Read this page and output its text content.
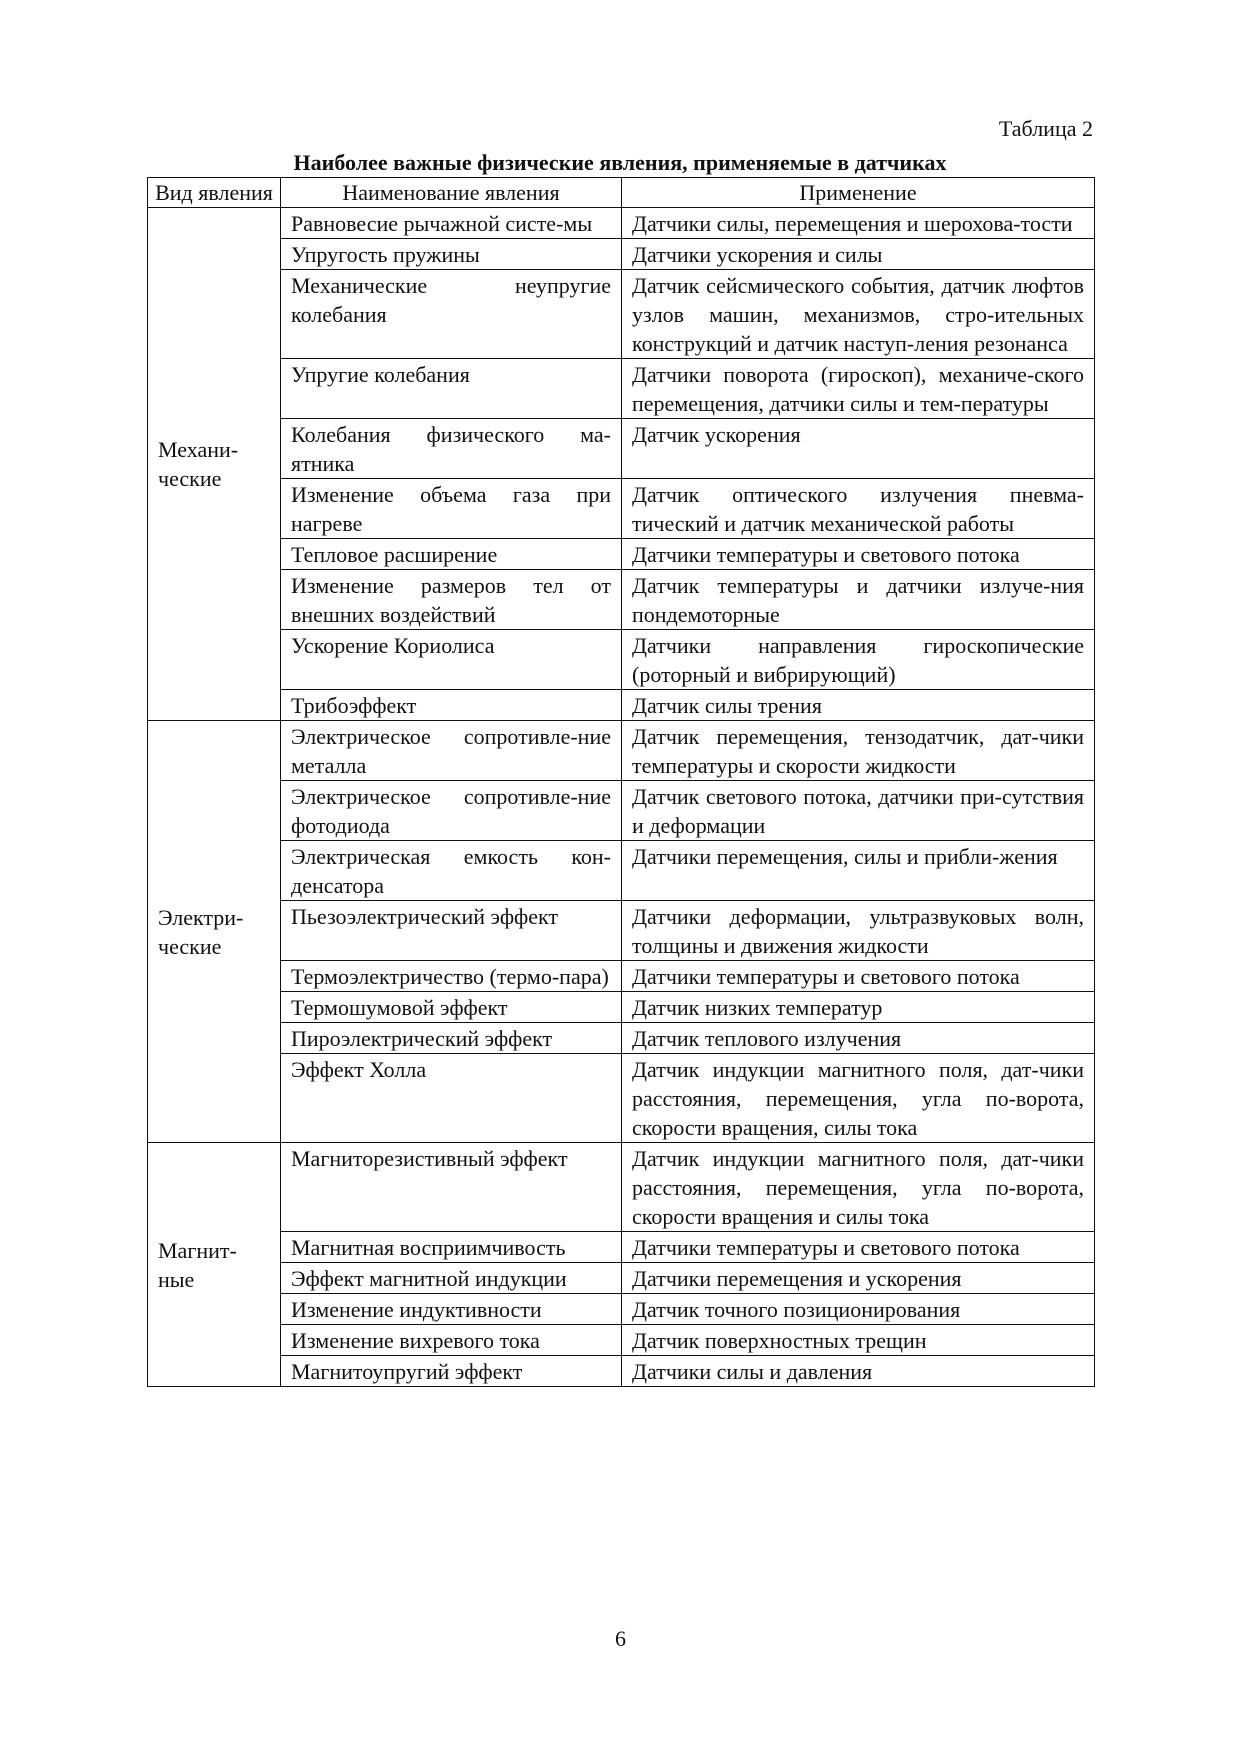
Таблица 2
Наиболее важные физические явления, применяемые в датчиках
Вид явления	Наименование явления	Применение
Механи-ческие	Равновесие рычажной систе-мы	Датчики силы, перемещения и шерохова-тости
	Упругость пружины	Датчики ускорения и силы
	Механические неупругие колебания	Датчик сейсмического события, датчик люфтов узлов машин, механизмов, стро-ительных конструкций и датчик наступ-ления резонанса
	Упругие колебания	Датчики поворота (гироскоп), механиче-ского перемещения, датчики силы и тем-пературы
	Колебания физического ма-ятника	Датчик ускорения
	Изменение объема газа при нагреве	Датчик оптического излучения пневма-тический и датчик механической работы
	Тепловое расширение	Датчики температуры и светового потока
	Изменение размеров тел от внешних воздействий	Датчик температуры и датчики излуче-ния пондемоторные
	Ускорение Кориолиса	Датчики направления гироскопические (роторный и вибрирующий)
	Трибоэффект	Датчик силы трения
Электри-ческие	Электрическое сопротивле-ние металла	Датчик перемещения, тензодатчик, дат-чики температуры и скорости жидкости
	Электрическое сопротивле-ние фотодиода	Датчик светового потока, датчики при-сутствия и деформации
	Электрическая емкость кон-денсатора	Датчики перемещения, силы и прибли-жения
	Пьезоэлектрический эффект	Датчики деформации, ультразвуковых волн, толщины и движения жидкости
	Термоэлектричество (термо-пара)	Датчики температуры и светового потока
	Термошумовой эффект	Датчик низких температур
	Пироэлектрический эффект	Датчик теплового излучения
	Эффект Холла	Датчик индукции магнитного поля, дат-чики расстояния, перемещения, угла по-ворота, скорости вращения, силы тока
Магнит-ные	Магниторезистивный эффект	Датчик индукции магнитного поля, дат-чики расстояния, перемещения, угла по-ворота, скорости вращения и силы тока
	Магнитная восприимчивость	Датчики температуры и светового потока
	Эффект магнитной индукции	Датчики перемещения и ускорения
	Изменение индуктивности	Датчик точного позиционирования
	Изменение вихревого тока	Датчик поверхностных трещин
	Магнитоупругий эффект	Датчики силы и давления
6
